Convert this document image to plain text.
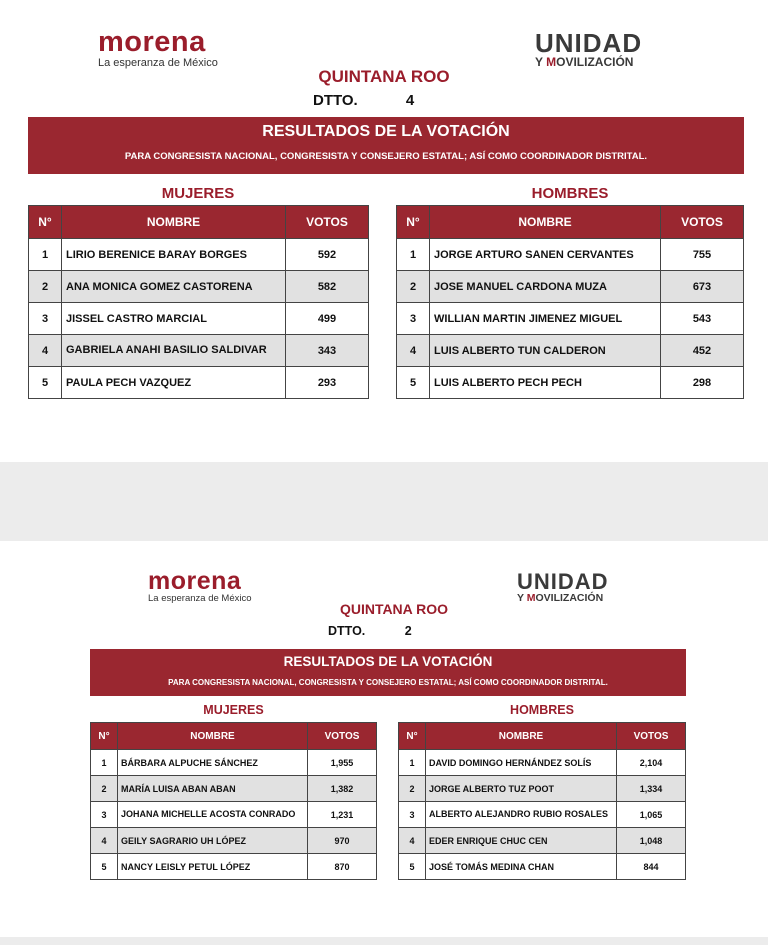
morena
La esperanza de México
UNIDAD
Y MOVILIZACIÓN
QUINTANA ROO
DTTO.	4
RESULTADOS DE LA VOTACIÓN
PARA CONGRESISTA NACIONAL, CONGRESISTA Y CONSEJERO ESTATAL; ASÍ COMO COORDINADOR DISTRITAL.
MUJERES	HOMBRES
N°	NOMBRE	VOTOS
1	LIRIO BERENICE BARAY BORGES	592
2	ANA MONICA GOMEZ CASTORENA	582
3	JISSEL CASTRO MARCIAL	499
4	GABRIELA ANAHI BASILIO SALDIVAR	343
5	PAULA PECH VAZQUEZ	293
N°	NOMBRE	VOTOS
1	JORGE ARTURO SANEN CERVANTES	755
2	JOSE MANUEL CARDONA MUZA	673
3	WILLIAN MARTIN JIMENEZ MIGUEL	543
4	LUIS ALBERTO TUN CALDERON	452
5	LUIS ALBERTO PECH PECH	298
morena
La esperanza de México
UNIDAD
Y MOVILIZACIÓN
QUINTANA ROO
DTTO.	2
RESULTADOS DE LA VOTACIÓN
PARA CONGRESISTA NACIONAL, CONGRESISTA Y CONSEJERO ESTATAL; ASÍ COMO COORDINADOR DISTRITAL.
MUJERES	HOMBRES
N°	NOMBRE	VOTOS
1	BÁRBARA ALPUCHE SÁNCHEZ	1,955
2	MARÍA LUISA ABAN ABAN	1,382
3	JOHANA MICHELLE ACOSTA CONRADO	1,231
4	GEILY SAGRARIO UH LÓPEZ	970
5	NANCY LEISLY PETUL LÓPEZ	870
N°	NOMBRE	VOTOS
1	DAVID DOMINGO HERNÁNDEZ SOLÍS	2,104
2	JORGE ALBERTO TUZ POOT	1,334
3	ALBERTO ALEJANDRO RUBIO ROSALES	1,065
4	EDER ENRIQUE CHUC CEN	1,048
5	JOSÉ TOMÁS MEDINA CHAN	844
